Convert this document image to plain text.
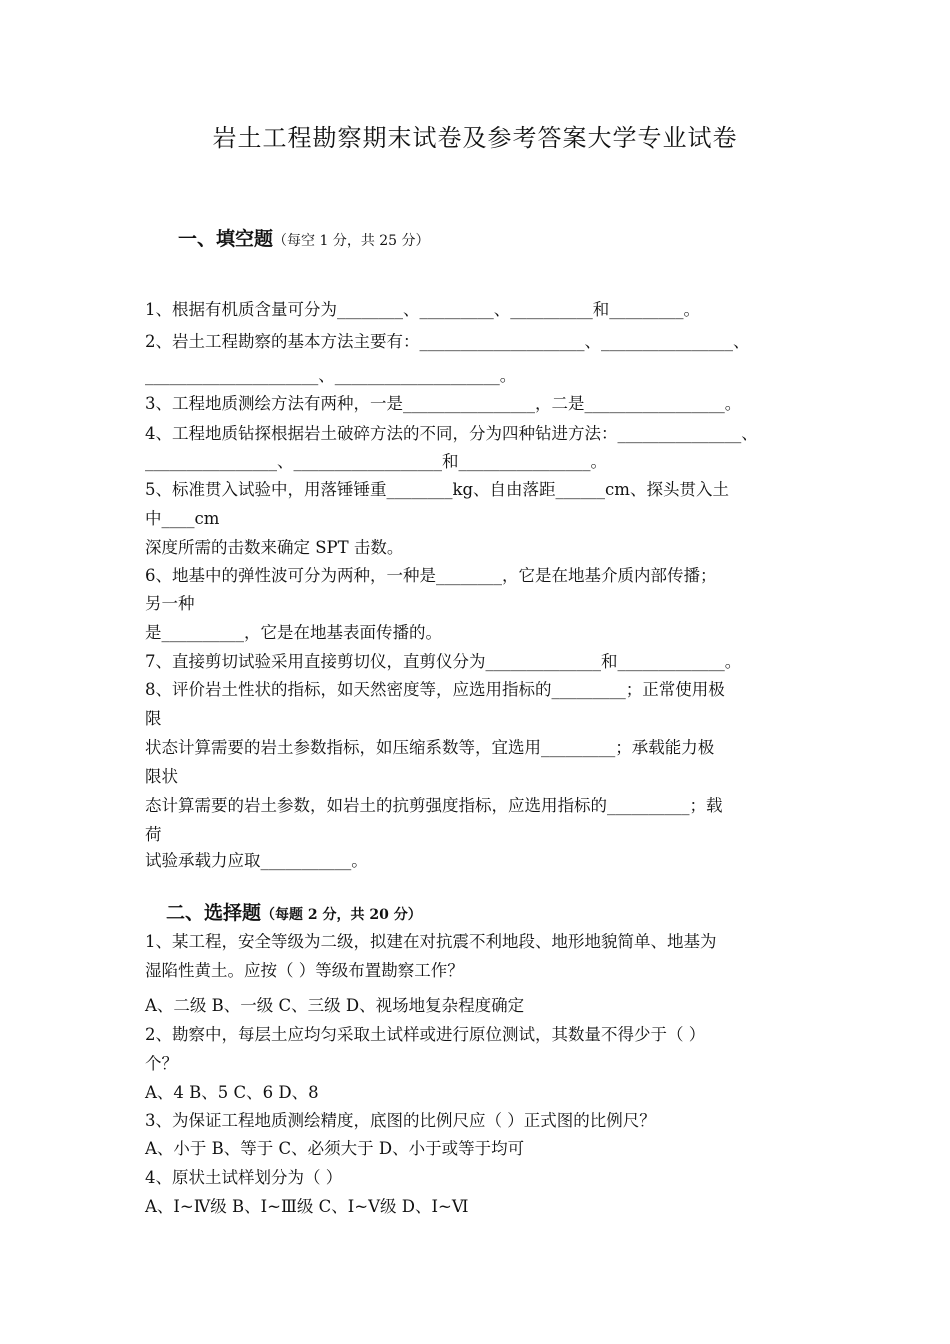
岩土工程勘察期末试卷及参考答案大学专业试卷
一、填空题（每空 1 分，共 25 分）
1、根据有机质含量可分为________、_________、__________和_________。
2、岩土工程勘察的基本方法主要有：____________________、________________、
_____________________、____________________。
3、工程地质测绘方法有两种，一是________________，二是_________________。
4、工程地质钻探根据岩土破碎方法的不同，分为四种钻进方法：_______________、
________________、__________________和________________。
5、标准贯入试验中，用落锤锤重________kg、自由落距______cm、探头贯入土
中____cm
深度所需的击数来确定 SPT 击数。
6、地基中的弹性波可分为两种，一种是________，它是在地基介质内部传播；
另一种
是__________，它是在地基表面传播的。
7、直接剪切试验采用直接剪切仪，直剪仪分为______________和_____________。
8、评价岩土性状的指标，如天然密度等，应选用指标的_________；正常使用极
限
状态计算需要的岩土参数指标，如压缩系数等，宜选用_________；承载能力极
限状
态计算需要的岩土参数，如岩土的抗剪强度指标，应选用指标的__________；载
荷
试验承载力应取___________。
二、选择题（每题 2 分，共 20 分）
1、某工程，安全等级为二级，拟建在对抗震不利地段、地形地貌简单、地基为
湿陷性黄土。应按（ ）等级布置勘察工作？
A、二级 B、一级 C、三级 D、视场地复杂程度确定
2、勘察中，每层土应均匀采取土试样或进行原位测试，其数量不得少于（ ）
个？
A、4 B、5 C、6 D、8
3、为保证工程地质测绘精度，底图的比例尺应（ ）正式图的比例尺？
A、小于 B、等于 C、必须大于 D、小于或等于均可
4、原状土试样划分为（ ）
A、Ⅰ~Ⅳ级 B、Ⅰ~Ⅲ级 C、Ⅰ~Ⅴ级 D、Ⅰ~Ⅵ
